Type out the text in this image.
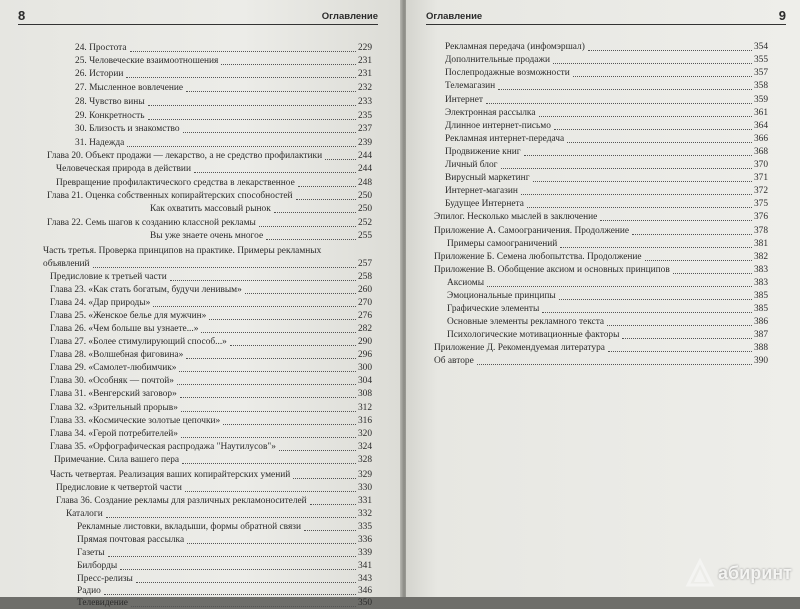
8	Оглавление
24. Простота	229
25. Человеческие взаимоотношения	231
26. Истории	231
27. Мысленное вовлечение	232
28. Чувство вины	233
29. Конкретность	235
30. Близость и знакомство	237
31. Надежда	239
Глава 20. Объект продажи — лекарство, а не средство профилактики	244
Человеческая природа в действии	244
Превращение профилактического средства в лекарственное	248
Глава 21. Оценка собственных копирайтерских способностей	250
Как охватить массовый рынок	250
Глава 22. Семь шагов к созданию классной рекламы	252
Вы уже знаете очень многое	255
Часть третья. Проверка принципов на практике. Примеры рекламных
объявлений	257
Предисловие к третьей части	258
Глава 23. «Как стать богатым, будучи ленивым»	260
Глава 24. «Дар природы»	270
Глава 25. «Женское белье для мужчин»	276
Глава 26. «Чем больше вы узнаете...»	282
Глава 27. «Более стимулирующий способ...»	290
Глава 28. «Волшебная фиговина»	296
Глава 29. «Самолет-любимчик»	300
Глава 30. «Особняк — почтой»	304
Глава 31. «Венгерский заговор»	308
Глава 32. «Зрительный прорыв»	312
Глава 33. «Космические золотые цепочки»	316
Глава 34. «Герой потребителей»	320
Глава 35. «Орфографическая распродажа "Наутилусов"»	324
Примечание. Сила вашего пера	328
Часть четвертая. Реализация ваших копирайтерских умений	329
Предисловие к четвертой части	330
Глава 36. Создание рекламы для различных рекламоносителей	331
Каталоги	332
Рекламные листовки, вкладыши, формы обратной связи	335
Прямая почтовая рассылка	336
Газеты	339
Билборды	341
Пресс-релизы	343
Радио	346
Телевидение	350
Оглавление	9
Рекламная передача (инфомэршал)	354
Дополнительные продажи	355
Послепродажные возможности	357
Телемагазин	358
Интернет	359
Электронная рассылка	361
Длинное интернет-письмо	364
Рекламная интернет-передача	366
Продвижение книг	368
Личный блог	370
Вирусный маркетинг	371
Интернет-магазин	372
Будущее Интернета	375
Эпилог. Несколько мыслей в заключение	376
Приложение А. Самоограничения. Продолжение	378
Примеры самоограничений	381
Приложение Б. Семена любопытства. Продолжение	382
Приложение В. Обобщение аксиом и основных принципов	383
Аксиомы	383
Эмоциональные принципы	385
Графические элементы	385
Основные элементы рекламного текста	386
Психологические мотивационные факторы	387
Приложение Д. Рекомендуемая литература	388
Об авторе	390
абиринт
